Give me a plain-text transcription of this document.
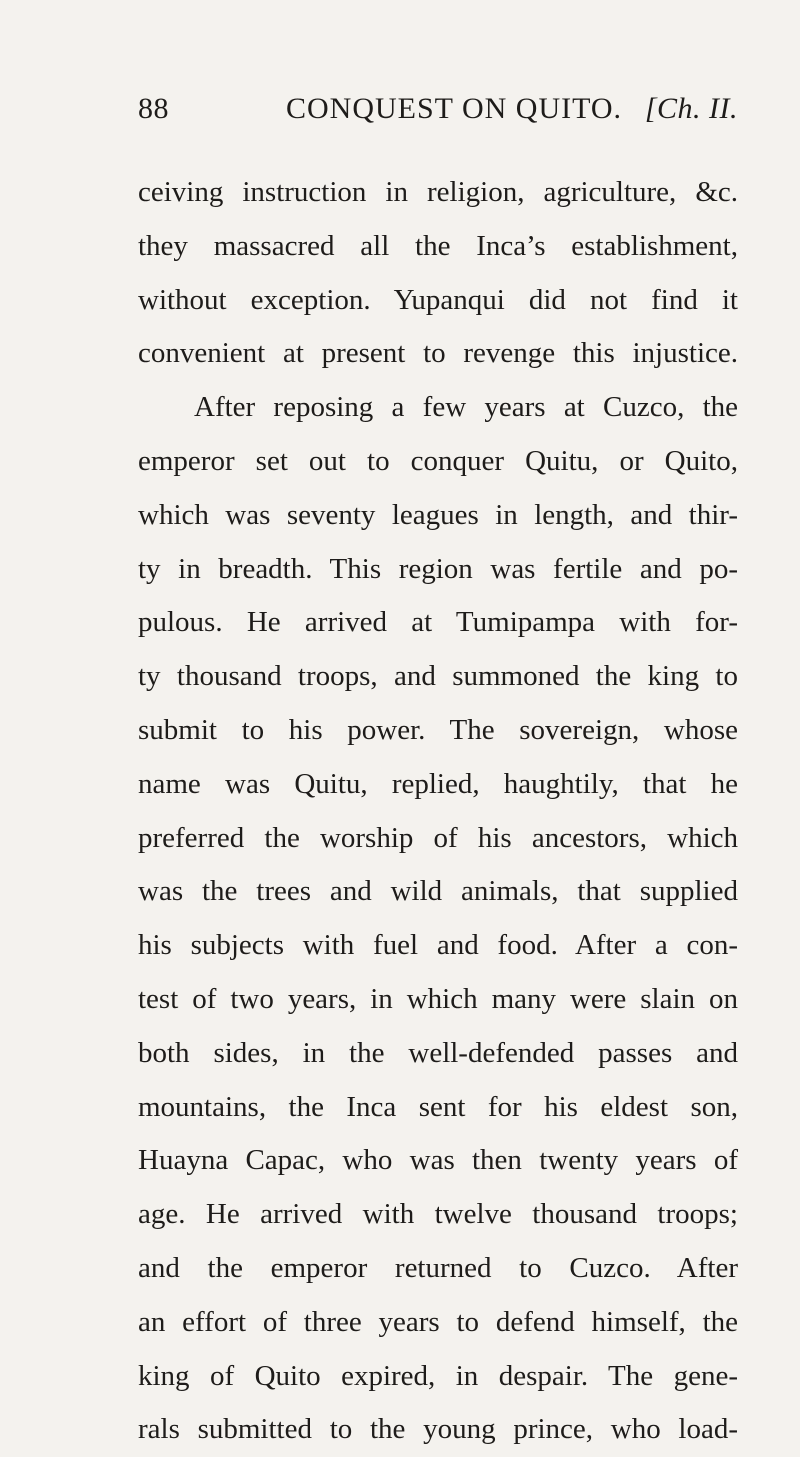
88	CONQUEST ON QUITO. [Ch. II.
ceiving instruction in religion, agriculture, &c.
they massacred all the Inca’s establishment,
without exception. Yupanqui did not find it
convenient at present to revenge this injustice.
After reposing a few years at Cuzco, the
emperor set out to conquer Quitu, or Quito,
which was seventy leagues in length, and thir-
ty in breadth. This region was fertile and po-
pulous. He arrived at Tumipampa with for-
ty thousand troops, and summoned the king to
submit to his power. The sovereign, whose
name was Quitu, replied, haughtily, that he
preferred the worship of his ancestors, which
was the trees and wild animals, that supplied
his subjects with fuel and food. After a con-
test of two years, in which many were slain on
both sides, in the well-defended passes and
mountains, the Inca sent for his eldest son,
Huayna Capac, who was then twenty years of
age. He arrived with twelve thousand troops;
and the emperor returned to Cuzco. After
an effort of three years to defend himself, the
king of Quito expired, in despair. The gene-
rals submitted to the young prince, who load-
